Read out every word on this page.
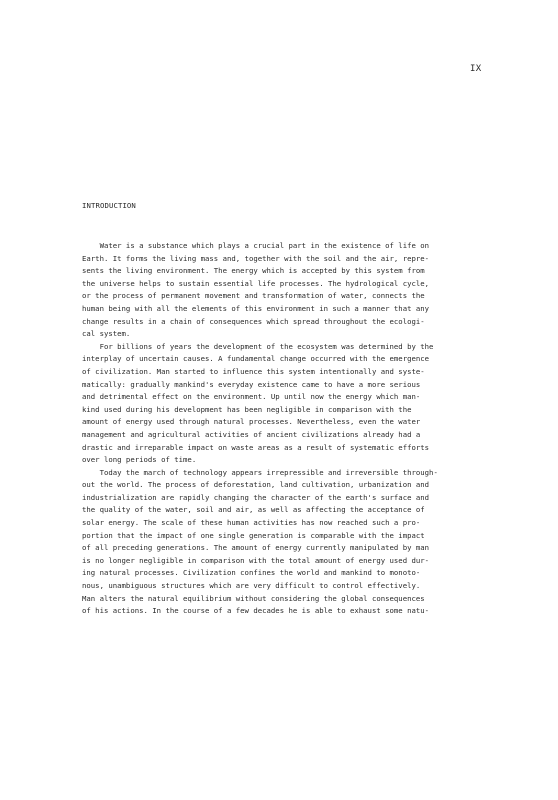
IX
INTRODUCTION
Water is a substance which plays a crucial part in the existence of life on
Earth. It forms the living mass and, together with the soil and the air, repre-
sents the living environment. The energy which is accepted by this system from
the universe helps to sustain essential life processes. The hydrological cycle,
or the process of permanent movement and transformation of water, connects the
human being with all the elements of this environment in such a manner that any
change results in a chain of consequences which spread throughout the ecologi-
cal system.
For billions of years the development of the ecosystem was determined by the
interplay of uncertain causes. A fundamental change occurred with the emergence
of civilization. Man started to influence this system intentionally and syste-
matically: gradually mankind's everyday existence came to have a more serious
and detrimental effect on the environment. Up until now the energy which man-
kind used during his development has been negligible in comparison with the
amount of energy used through natural processes. Nevertheless, even the water
management and agricultural activities of ancient civilizations already had a
drastic and irreparable impact on waste areas as a result of systematic efforts
over long periods of time.
Today the march of technology appears irrepressible and irreversible through-
out the world. The process of deforestation, land cultivation, urbanization and
industrialization are rapidly changing the character of the earth's surface and
the quality of the water, soil and air, as well as affecting the acceptance of
solar energy. The scale of these human activities has now reached such a pro-
portion that the impact of one single generation is comparable with the impact
of all preceding generations. The amount of energy currently manipulated by man
is no longer negligible in comparison with the total amount of energy used dur-
ing natural processes. Civilization confines the world and mankind to monoto-
nous, unambiguous structures which are very difficult to control effectively.
Man alters the natural equilibrium without considering the global consequences
of his actions. In the course of a few decades he is able to exhaust some natu-
